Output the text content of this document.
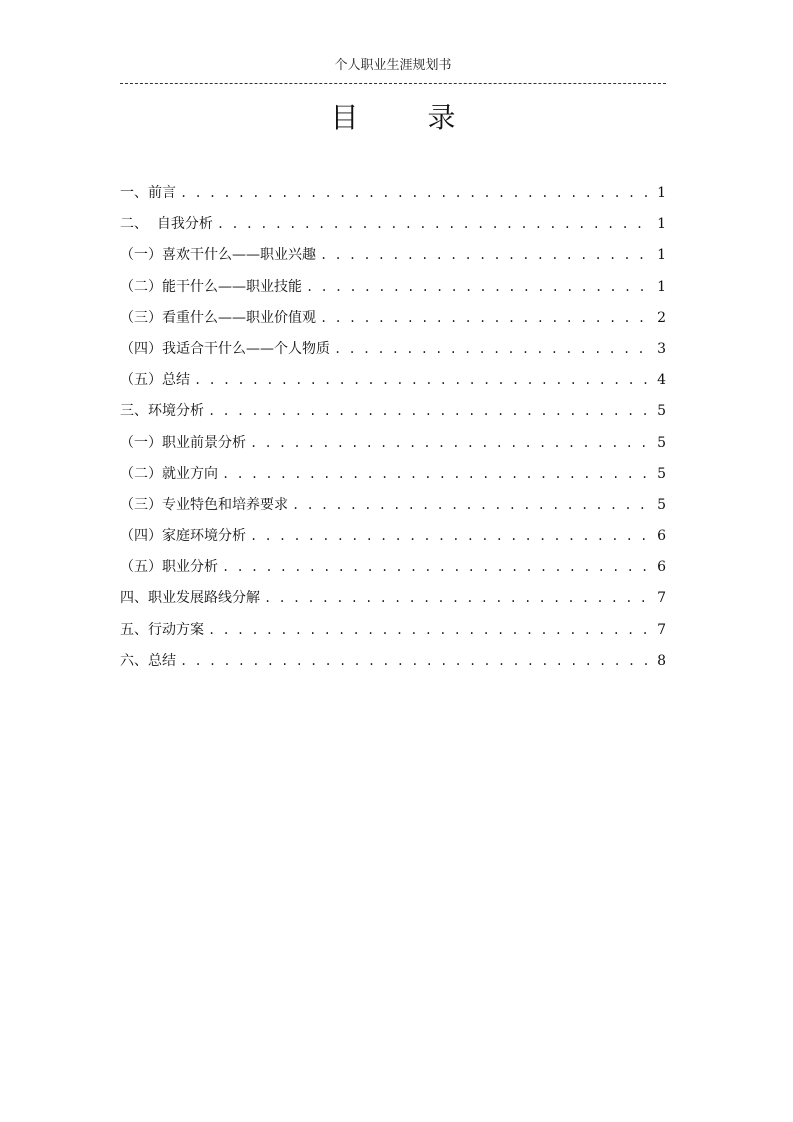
个人职业生涯规划书
目 录
一、前言 . . .	1
二、  自我分析 . . .	1
（一）喜欢干什么——职业兴趣 . . .	1
（二）能干什么——职业技能 . . .	1
（三）看重什么——职业价值观 . . .	2
（四）我适合干什么——个人物质 . . .	3
（五）总结 . . .	4
三、环境分析 . . .	5
（一）职业前景分析 . . .	5
（二）就业方向 . . .	5
（三）专业特色和培养要求 . . .	5
（四）家庭环境分析 . . .	6
（五）职业分析 . . .	6
四、职业发展路线分解 . . .	7
五、行动方案 . . .	7
六、总结 . . .	8
